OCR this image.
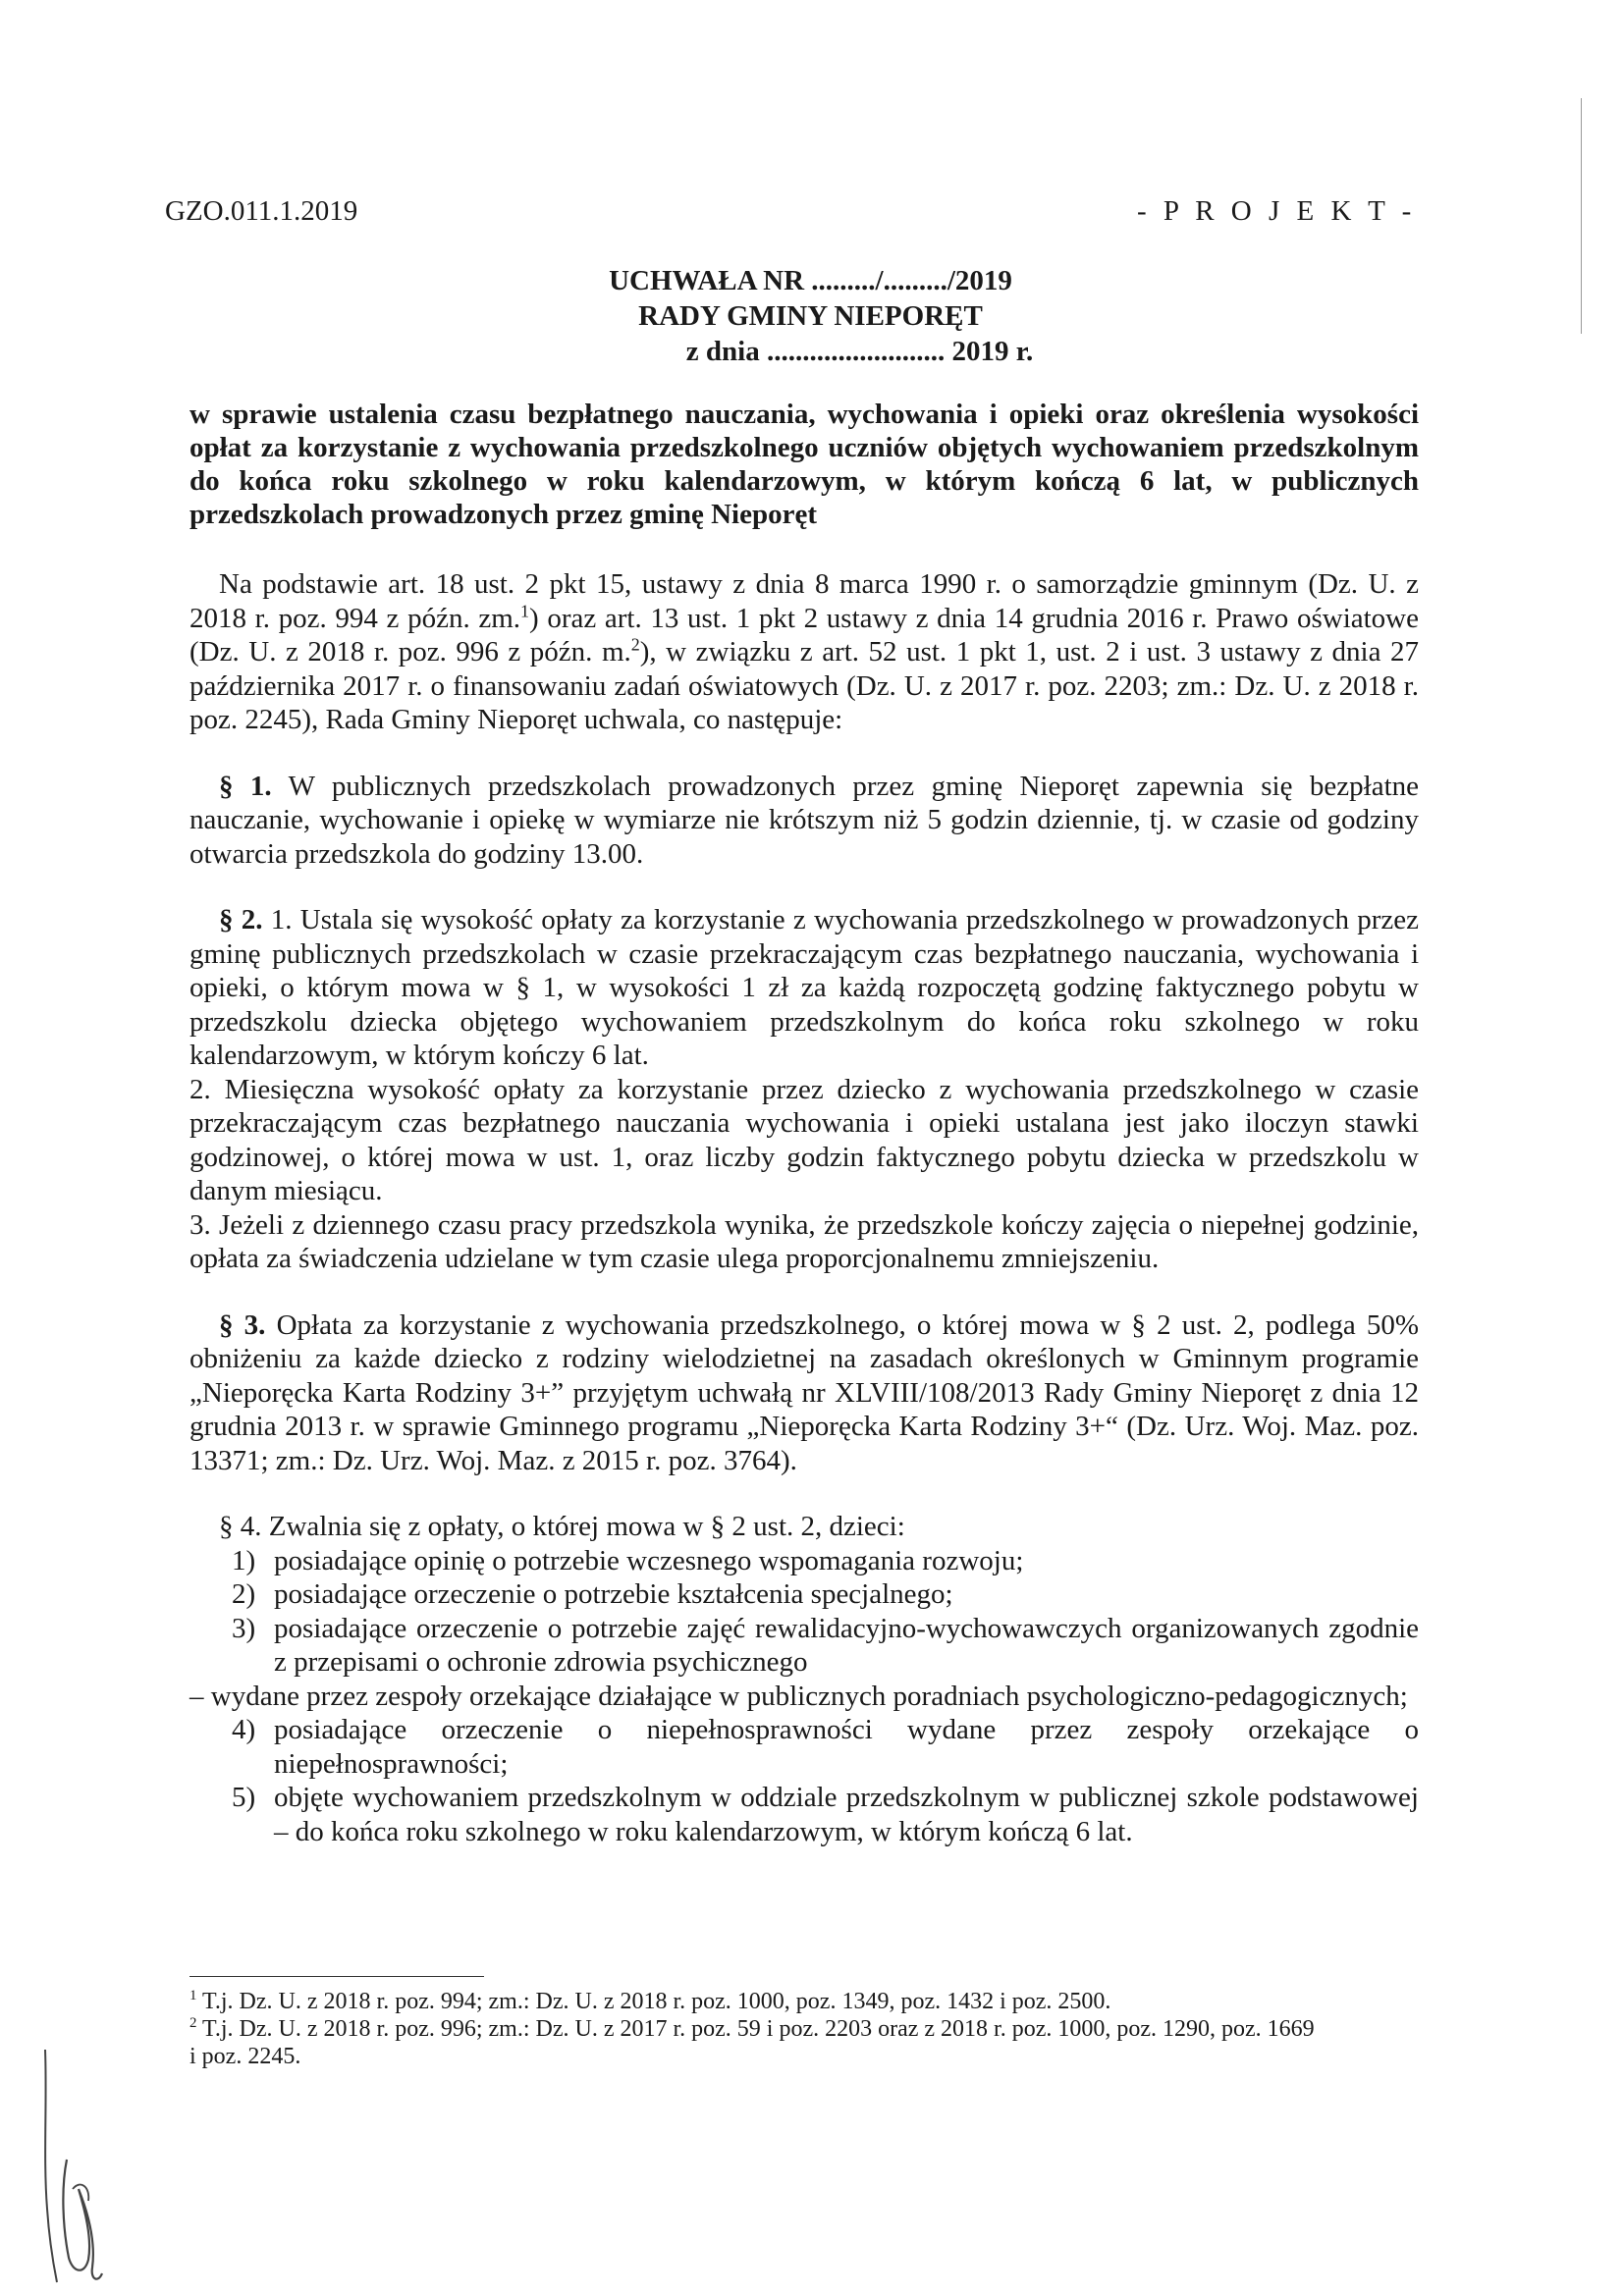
GZO.011.1.2019	- P R O J E K T -
UCHWAŁA NR ........./........./2019
RADY GMINY NIEPORĘT
z dnia ......................... 2019 r.
w sprawie ustalenia czasu bezpłatnego nauczania, wychowania i opieki oraz określenia wysokości opłat za korzystanie z wychowania przedszkolnego uczniów objętych wychowaniem przedszkolnym do końca roku szkolnego w roku kalendarzowym, w którym kończą 6 lat, w publicznych przedszkolach prowadzonych przez gminę Nieporęt

Na podstawie art. 18 ust. 2 pkt 15, ustawy z dnia 8 marca 1990 r. o samorządzie gminnym (Dz. U. z 2018 r. poz. 994 z późn. zm.$^1$) oraz art. 13 ust. 1 pkt 2 ustawy z dnia 14 grudnia 2016 r. Prawo oświatowe (Dz. U. z 2018 r. poz. 996 z późn. m.$^2$), w związku z art. 52 ust. 1 pkt 1, ust. 2 i ust. 3 ustawy z dnia 27 października 2017 r. o finansowaniu zadań oświatowych (Dz. U. z 2017 r. poz. 2203; zm.: Dz. U. z 2018 r. poz. 2245), Rada Gminy Nieporęt uchwala, co następuje:

§ 1. W publicznych przedszkolach prowadzonych przez gminę Nieporęt zapewnia się bezpłatne nauczanie, wychowanie i opiekę w wymiarze nie krótszym niż 5 godzin dziennie, tj. w czasie od godziny otwarcia przedszkola do godziny 13.00.

§ 2. 1. Ustala się wysokość opłaty za korzystanie z wychowania przedszkolnego w prowadzonych przez gminę publicznych przedszkolach w czasie przekraczającym czas bezpłatnego nauczania, wychowania i opieki, o którym mowa w § 1, w wysokości 1 zł za każdą rozpoczętą godzinę faktycznego pobytu w przedszkolu dziecka objętego wychowaniem przedszkolnym do końca roku szkolnego w roku kalendarzowym, w którym kończy 6 lat.

2. Miesięczna wysokość opłaty za korzystanie przez dziecko z wychowania przedszkolnego w czasie przekraczającym czas bezpłatnego nauczania wychowania i opieki ustalana jest jako iloczyn stawki godzinowej, o której mowa w ust. 1, oraz liczby godzin faktycznego pobytu dziecka w przedszkolu w danym miesiącu.

3. Jeżeli z dziennego czasu pracy przedszkola wynika, że przedszkole kończy zajęcia o niepełnej godzinie, opłata za świadczenia udzielane w tym czasie ulega proporcjonalnemu zmniejszeniu.

§ 3. Opłata za korzystanie z wychowania przedszkolnego, o której mowa w § 2 ust. 2, podlega 50% obniżeniu za każde dziecko z rodziny wielodzietnej na zasadach określonych w Gminnym programie „Nieporęcka Karta Rodziny 3+” przyjętym uchwałą nr XLVIII/108/2013 Rady Gminy Nieporęt z dnia 12 grudnia 2013 r. w sprawie Gminnego programu „Nieporęcka Karta Rodziny 3+“ (Dz. Urz. Woj. Maz. poz. 13371; zm.: Dz. Urz. Woj. Maz. z 2015 r. poz. 3764).

§ 4. Zwalnia się z opłaty, o której mowa w § 2 ust. 2, dzieci:

1) posiadające opinię o potrzebie wczesnego wspomagania rozwoju;
2) posiadające orzeczenie o potrzebie kształcenia specjalnego;
3) posiadające orzeczenie o potrzebie zajęć rewalidacyjno-wychowawczych organizowanych zgodnie z przepisami o ochronie zdrowia psychicznego

– wydane przez zespoły orzekające działające w publicznych poradniach psychologiczno-pedagogicznych;

4) posiadające orzeczenie o niepełnosprawności wydane przez zespoły orzekające o niepełnosprawności;
5) objęte wychowaniem przedszkolnym w oddziale przedszkolnym w publicznej szkole podstawowej – do końca roku szkolnego w roku kalendarzowym, w którym kończą 6 lat.

$^1$ T.j. Dz. U. z 2018 r. poz. 994; zm.: Dz. U. z 2018 r. poz. 1000, poz. 1349, poz. 1432 i poz. 2500.

$^2$ T.j. Dz. U. z 2018 r. poz. 996; zm.: Dz. U. z 2017 r. poz. 59 i poz. 2203 oraz z 2018 r. poz. 1000, poz. 1290, poz. 1669 i poz. 2245.
